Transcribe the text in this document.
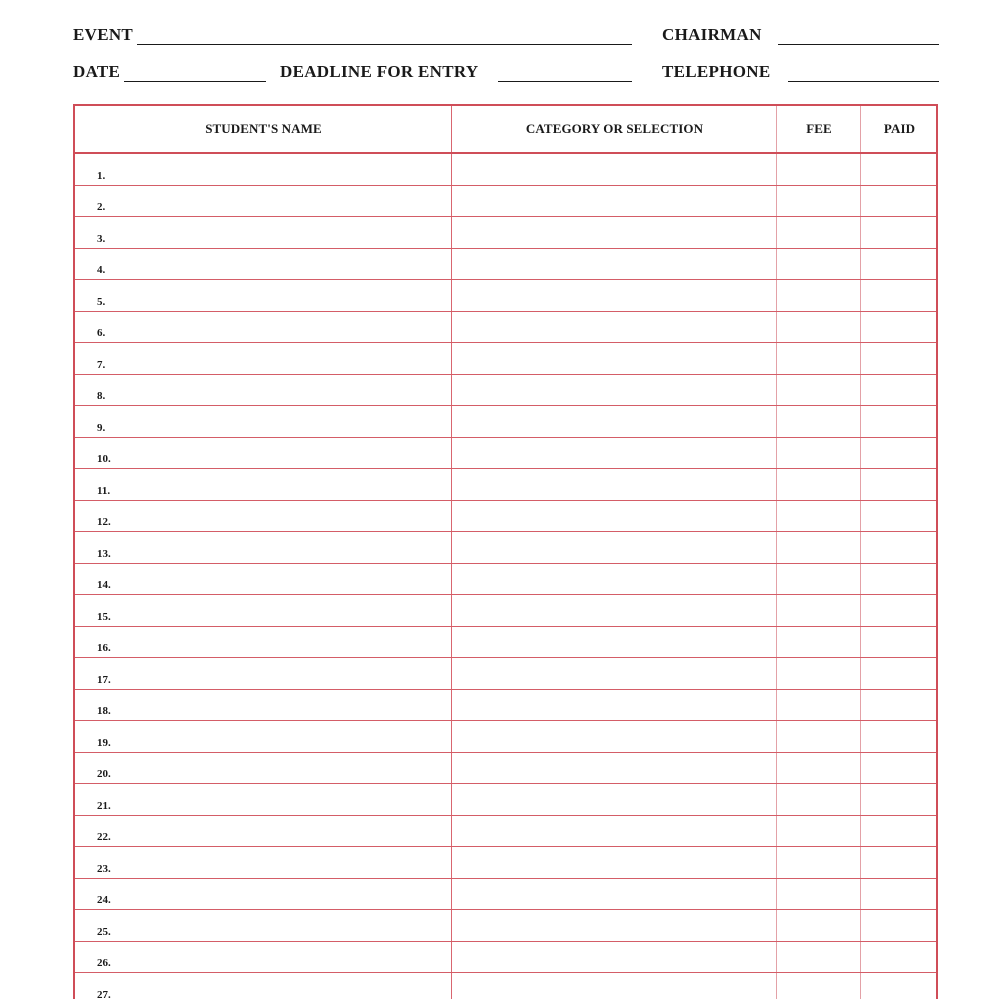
EVENT	CHAIRMAN
DATE	DEADLINE FOR ENTRY	TELEPHONE
STUDENT'S NAME	CATEGORY OR SELECTION	FEE	PAID
1.
2.
3.
4.
5.
6.
7.
8.
9.
10.
11.
12.
13.
14.
15.
16.
17.
18.
19.
20.
21.
22.
23.
24.
25.
26.
27.
